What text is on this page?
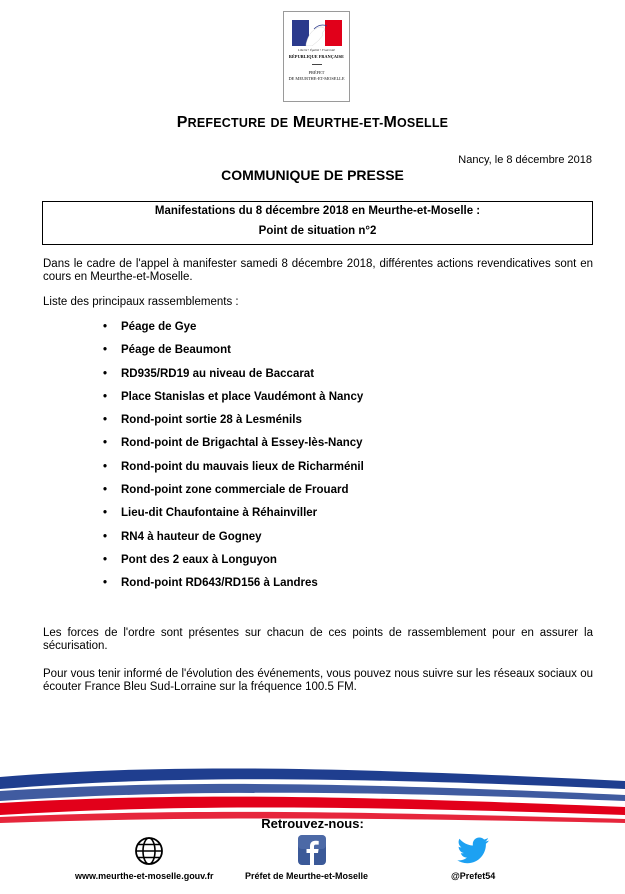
Liberté • Égalité • Fraternité
RÉPUBLIQUE FRANÇAISE
PRÉFET
DE MEURTHE-ET-MOSELLE
PREFECTURE DE MEURTHE-ET-MOSELLE
Nancy, le 8 décembre 2018
COMMUNIQUE DE PRESSE
Manifestations du 8 décembre 2018 en Meurthe-et-Moselle :
Point de situation n°2
Dans le cadre de l'appel à manifester samedi 8 décembre 2018, différentes actions revendicatives sont en cours en Meurthe-et-Moselle.
Liste des principaux rassemblements :
• Péage de Gye
• Péage de Beaumont
• RD935/RD19 au niveau de Baccarat
• Place Stanislas et place Vaudémont à Nancy
• Rond-point sortie 28 à Lesménils
• Rond-point de Brigachtal à Essey-lès-Nancy
• Rond-point du mauvais lieux de Richarménil
• Rond-point zone commerciale de Frouard
• Lieu-dit Chaufontaine à Réhainviller
• RN4 à hauteur de Gogney
• Pont des 2 eaux à Longuyon
• Rond-point RD643/RD156 à Landres
Les forces de l'ordre sont présentes sur chacun de ces points de rassemblement pour en assurer la sécurisation.
Pour vous tenir informé de l'évolution des événements, vous pouvez nous suivre sur les réseaux sociaux ou écouter France Bleu Sud-Lorraine sur la fréquence 100.5 FM.
Retrouvez-nous:
www.meurthe-et-moselle.gouv.fr	Préfet de Meurthe-et-Moselle	@Prefet54
